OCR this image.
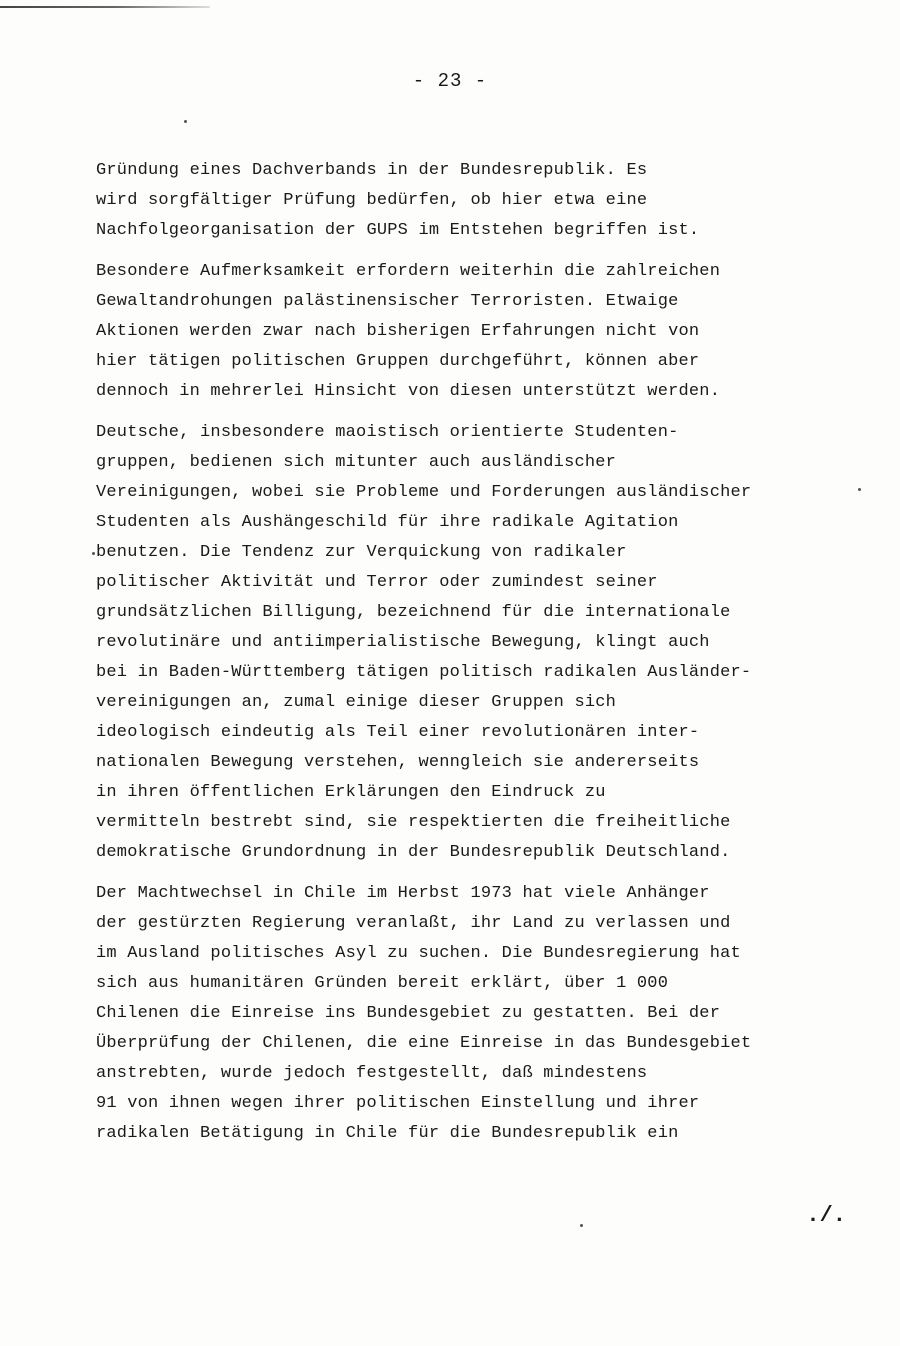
- 23 -
Gründung eines Dachverbands in der Bundesrepublik. Es
wird sorgfältiger Prüfung bedürfen, ob hier etwa eine
Nachfolgeorganisation der GUPS im Entstehen begriffen ist.
Besondere Aufmerksamkeit erfordern weiterhin die zahlreichen
Gewaltandrohungen palästinensischer Terroristen. Etwaige
Aktionen werden zwar nach bisherigen Erfahrungen nicht von
hier tätigen politischen Gruppen durchgeführt, können aber
dennoch in mehrerlei Hinsicht von diesen unterstützt werden.
Deutsche, insbesondere maoistisch orientierte Studenten-
gruppen, bedienen sich mitunter auch ausländischer
Vereinigungen, wobei sie Probleme und Forderungen ausländischer
Studenten als Aushängeschild für ihre radikale Agitation
benutzen. Die Tendenz zur Verquickung von radikaler
politischer Aktivität und Terror oder zumindest seiner
grundsätzlichen Billigung, bezeichnend für die internationale
revolutinäre und antiimperialistische Bewegung, klingt auch
bei in Baden-Württemberg tätigen politisch radikalen Ausländer-
vereinigungen an, zumal einige dieser Gruppen sich
ideologisch eindeutig als Teil einer revolutionären inter-
nationalen Bewegung verstehen, wenngleich sie andererseits
in ihren öffentlichen Erklärungen den Eindruck zu
vermitteln bestrebt sind, sie respektierten die freiheitliche
demokratische Grundordnung in der Bundesrepublik Deutschland.
Der Machtwechsel in Chile im Herbst 1973 hat viele Anhänger
der gestürzten Regierung veranlaßt, ihr Land zu verlassen und
im Ausland politisches Asyl zu suchen. Die Bundesregierung hat
sich aus humanitären Gründen bereit erklärt, über 1 000
Chilenen die Einreise ins Bundesgebiet zu gestatten. Bei der
Überprüfung der Chilenen, die eine Einreise in das Bundesgebiet
anstrebten, wurde jedoch festgestellt, daß mindestens
91 von ihnen wegen ihrer politischen Einstellung und ihrer
radikalen Betätigung in Chile für die Bundesrepublik ein
./.
